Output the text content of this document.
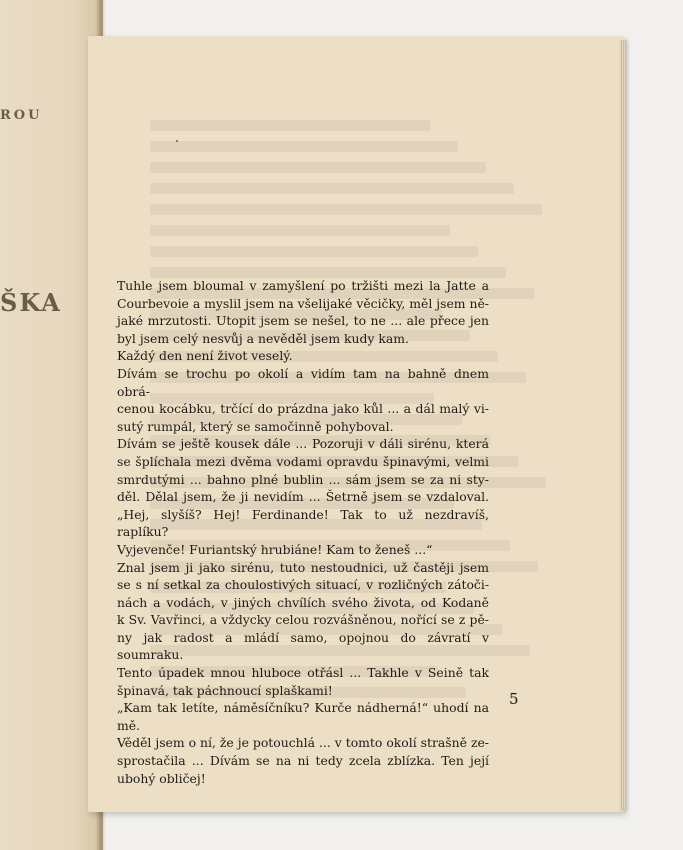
ROU
ŠKA
Tuhle jsem bloumal v zamyšlení po tržišti mezi la Jatte a
Courbevoie a myslil jsem na všelijaké věcičky, měl jsem ně-
jaké mrzutosti. Utopit jsem se nešel, to ne ... ale přece jen
byl jsem celý nesvůj a nevěděl jsem kudy kam.
Každý den není život veselý.
Dívám se trochu po okolí a vidím tam na bahně dnem obrá-
cenou kocábku, trčící do prázdna jako kůl ... a dál malý vi-
sutý rumpál, který se samočinně pohyboval.
Dívám se ještě kousek dále ... Pozoruji v dáli sirénu, která
se šplíchala mezi dvěma vodami opravdu špinavými, velmi
smrdutými ... bahno plné bublin ... sám jsem se za ni sty-
děl. Dělal jsem, že ji nevidím ... Šetrně jsem se vzdaloval.
„Hej, slyšíš? Hej! Ferdinande! Tak to už nezdravíš, raplíku?
Vyjevenče! Furiantský hrubiáne! Kam to ženeš ...“
Znal jsem ji jako sirénu, tuto nestoudnici, už častěji jsem
se s ní setkal za choulostivých situací, v rozličných zátoči-
nách a vodách, v jiných chvílích svého života, od Kodaně
k Sv. Vavřinci, a vždycky celou rozvášněnou, nořící se z pě-
ny jak radost a mládí samo, opojnou do závratí v soumraku.
Tento úpadek mnou hluboce otřásl ... Takhle v Seině tak
špinavá, tak páchnoucí splaškami!
„Kam tak letíte, náměsíčníku? Kurče nádherná!“ uhodí na
mě.
Věděl jsem o ní, že je potouchlá ... v tomto okolí strašně ze-
sprostačila ... Dívám se na ni tedy zcela zblízka. Ten její
ubohý obličej!
5
